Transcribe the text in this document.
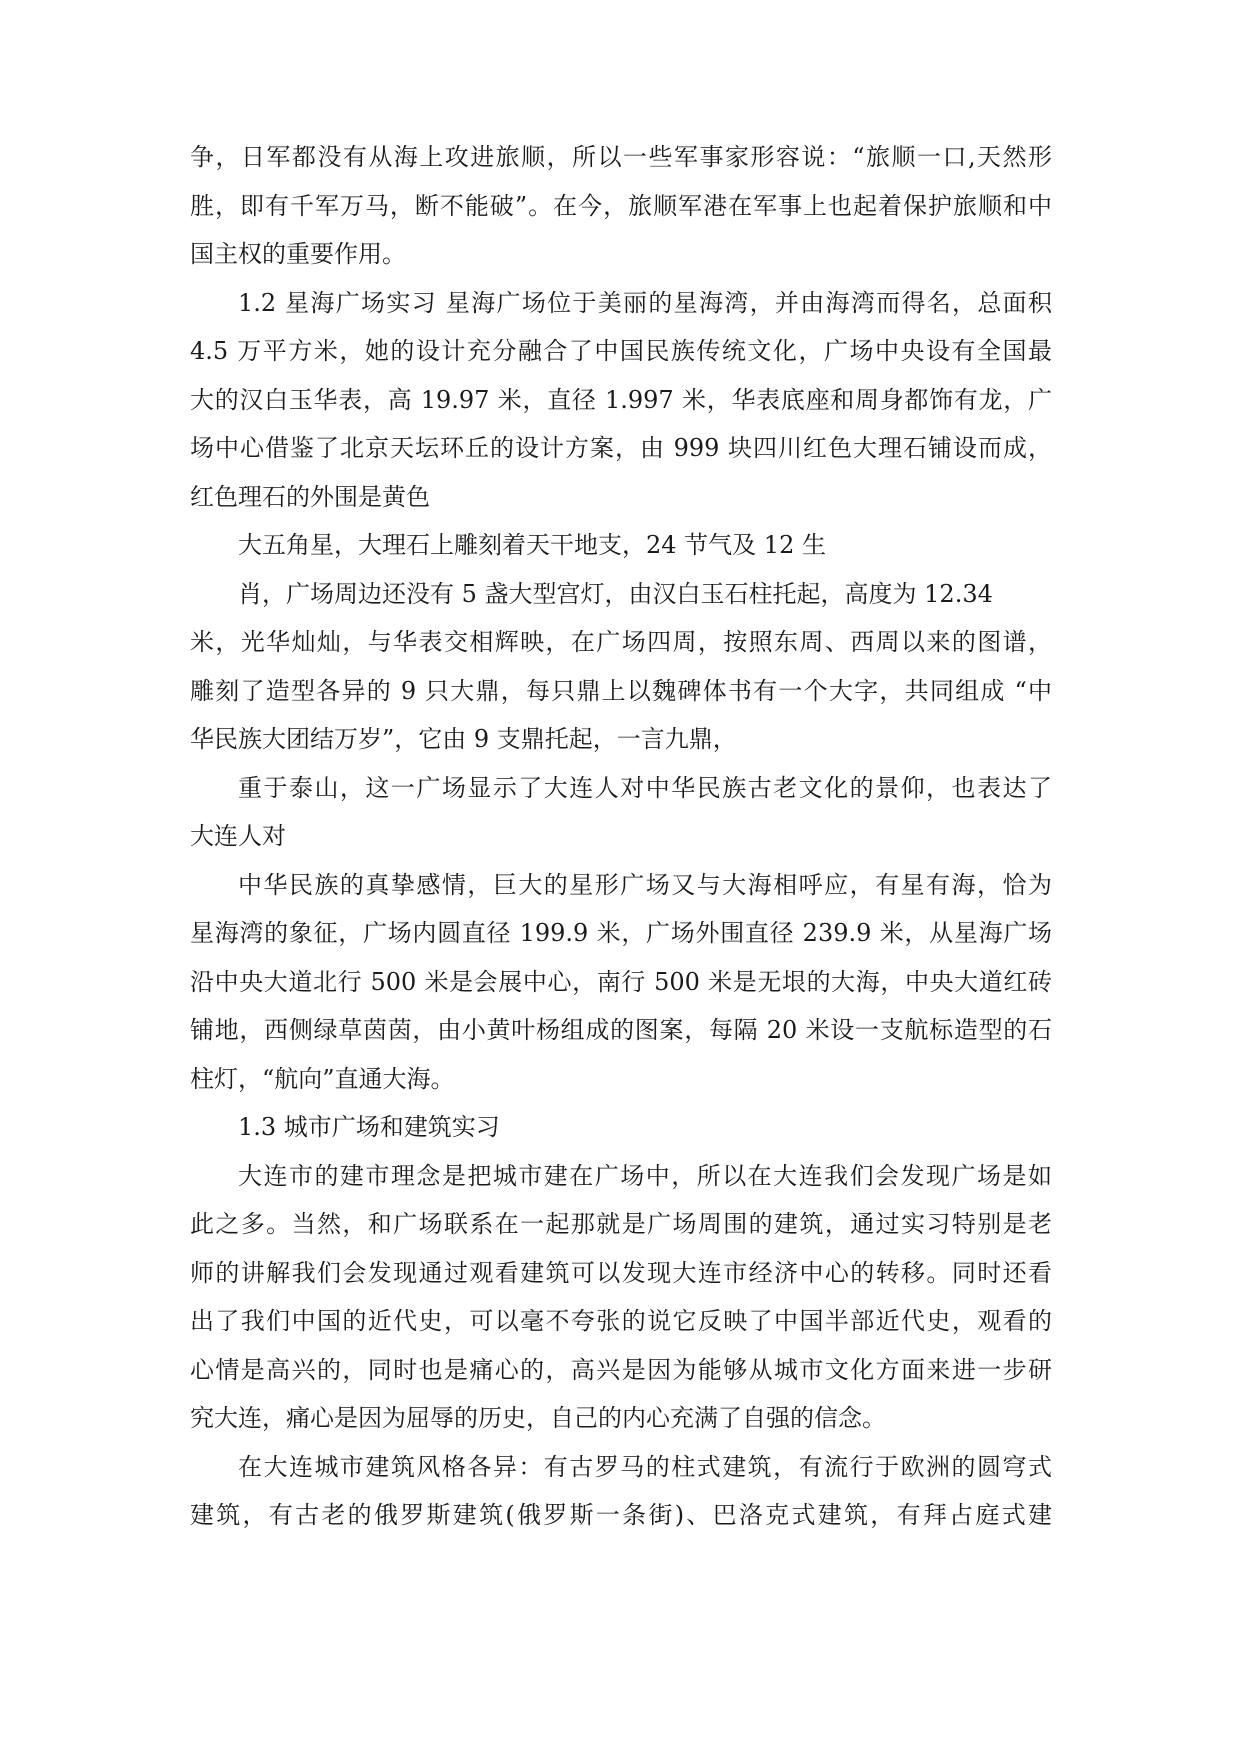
争，日军都没有从海上攻进旅顺，所以一些军事家形容说：“旅顺一口,天然形
胜，即有千军万马，断不能破”。在今，旅顺军港在军事上也起着保护旅顺和中
国主权的重要作用。
1.2 星海广场实习 星海广场位于美丽的星海湾，并由海湾而得名，总面积
4.5 万平方米，她的设计充分融合了中国民族传统文化，广场中央设有全国最
大的汉白玉华表，高 19.97 米，直径 1.997 米，华表底座和周身都饰有龙，广
场中心借鉴了北京天坛环丘的设计方案，由 999 块四川红色大理石铺设而成，
红色理石的外围是黄色
大五角星，大理石上雕刻着天干地支，24 节气及 12 生
肖，广场周边还没有 5 盏大型宫灯，由汉白玉石柱托起，高度为 12.34
米，光华灿灿，与华表交相辉映，在广场四周，按照东周、西周以来的图谱，
雕刻了造型各异的 9 只大鼎，每只鼎上以魏碑体书有一个大字，共同组成 “中
华民族大团结万岁”，它由 9 支鼎托起，一言九鼎，
重于泰山，这一广场显示了大连人对中华民族古老文化的景仰，也表达了
大连人对
中华民族的真挚感情，巨大的星形广场又与大海相呼应，有星有海，恰为
星海湾的象征，广场内圆直径 199.9 米，广场外围直径 239.9 米，从星海广场
沿中央大道北行 500 米是会展中心，南行 500 米是无垠的大海，中央大道红砖
铺地，西侧绿草茵茵，由小黄叶杨组成的图案，每隔 20 米设一支航标造型的石
柱灯，“航向”直通大海。
1.3 城市广场和建筑实习
大连市的建市理念是把城市建在广场中，所以在大连我们会发现广场是如
此之多。当然，和广场联系在一起那就是广场周围的建筑，通过实习特别是老
师的讲解我们会发现通过观看建筑可以发现大连市经济中心的转移。同时还看
出了我们中国的近代史，可以毫不夸张的说它反映了中国半部近代史，观看的
心情是高兴的，同时也是痛心的，高兴是因为能够从城市文化方面来进一步研
究大连，痛心是因为屈辱的历史，自己的内心充满了自强的信念。
在大连城市建筑风格各异：有古罗马的柱式建筑，有流行于欧洲的圆穹式
建筑，有古老的俄罗斯建筑(俄罗斯一条街)、巴洛克式建筑，有拜占庭式建
